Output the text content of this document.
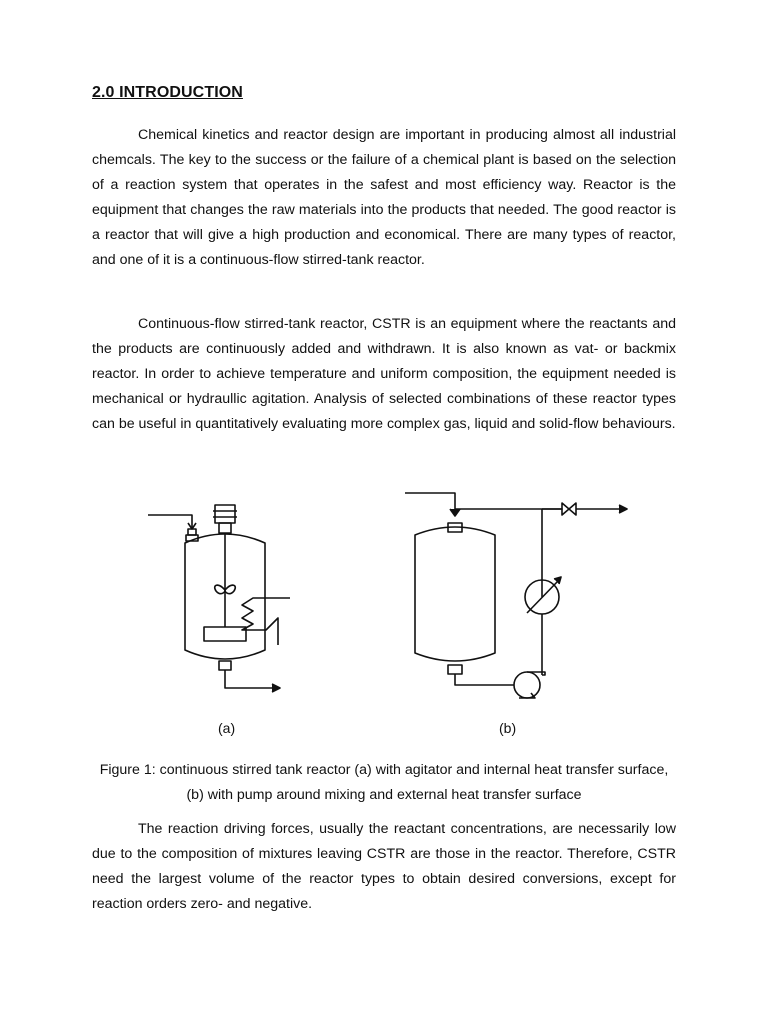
2.0 INTRODUCTION

Chemical kinetics and reactor design are important in producing almost all industrial chemcals. The key to the success or the failure of a chemical plant is based on the selection of a reaction system that operates in the safest and most efficiency way. Reactor is the equipment that changes the raw materials into the products that needed. The good reactor is a reactor that will give a high production and economical. There are many types of reactor, and one of it is a continuous-flow stirred-tank reactor.

Continuous-flow stirred-tank reactor, CSTR is an equipment where the reactants and the products are continuously added and withdrawn. It is also known as vat- or backmix reactor. In order to achieve temperature and uniform composition, the equipment needed is mechanical or hydraullic agitation. Analysis of selected combinations of these reactor types can be useful in quantitatively evaluating more complex gas, liquid and solid-flow behaviours.

(a)	(b)

Figure 1: continuous stirred tank reactor (a) with agitator and internal heat transfer surface, (b) with pump around mixing and external heat transfer surface

The reaction driving forces, usually the reactant concentrations, are necessarily low due to the composition of mixtures leaving CSTR are those in the reactor. Therefore, CSTR need the largest volume of the reactor types to obtain desired conversions, except for reaction orders zero- and negative.
